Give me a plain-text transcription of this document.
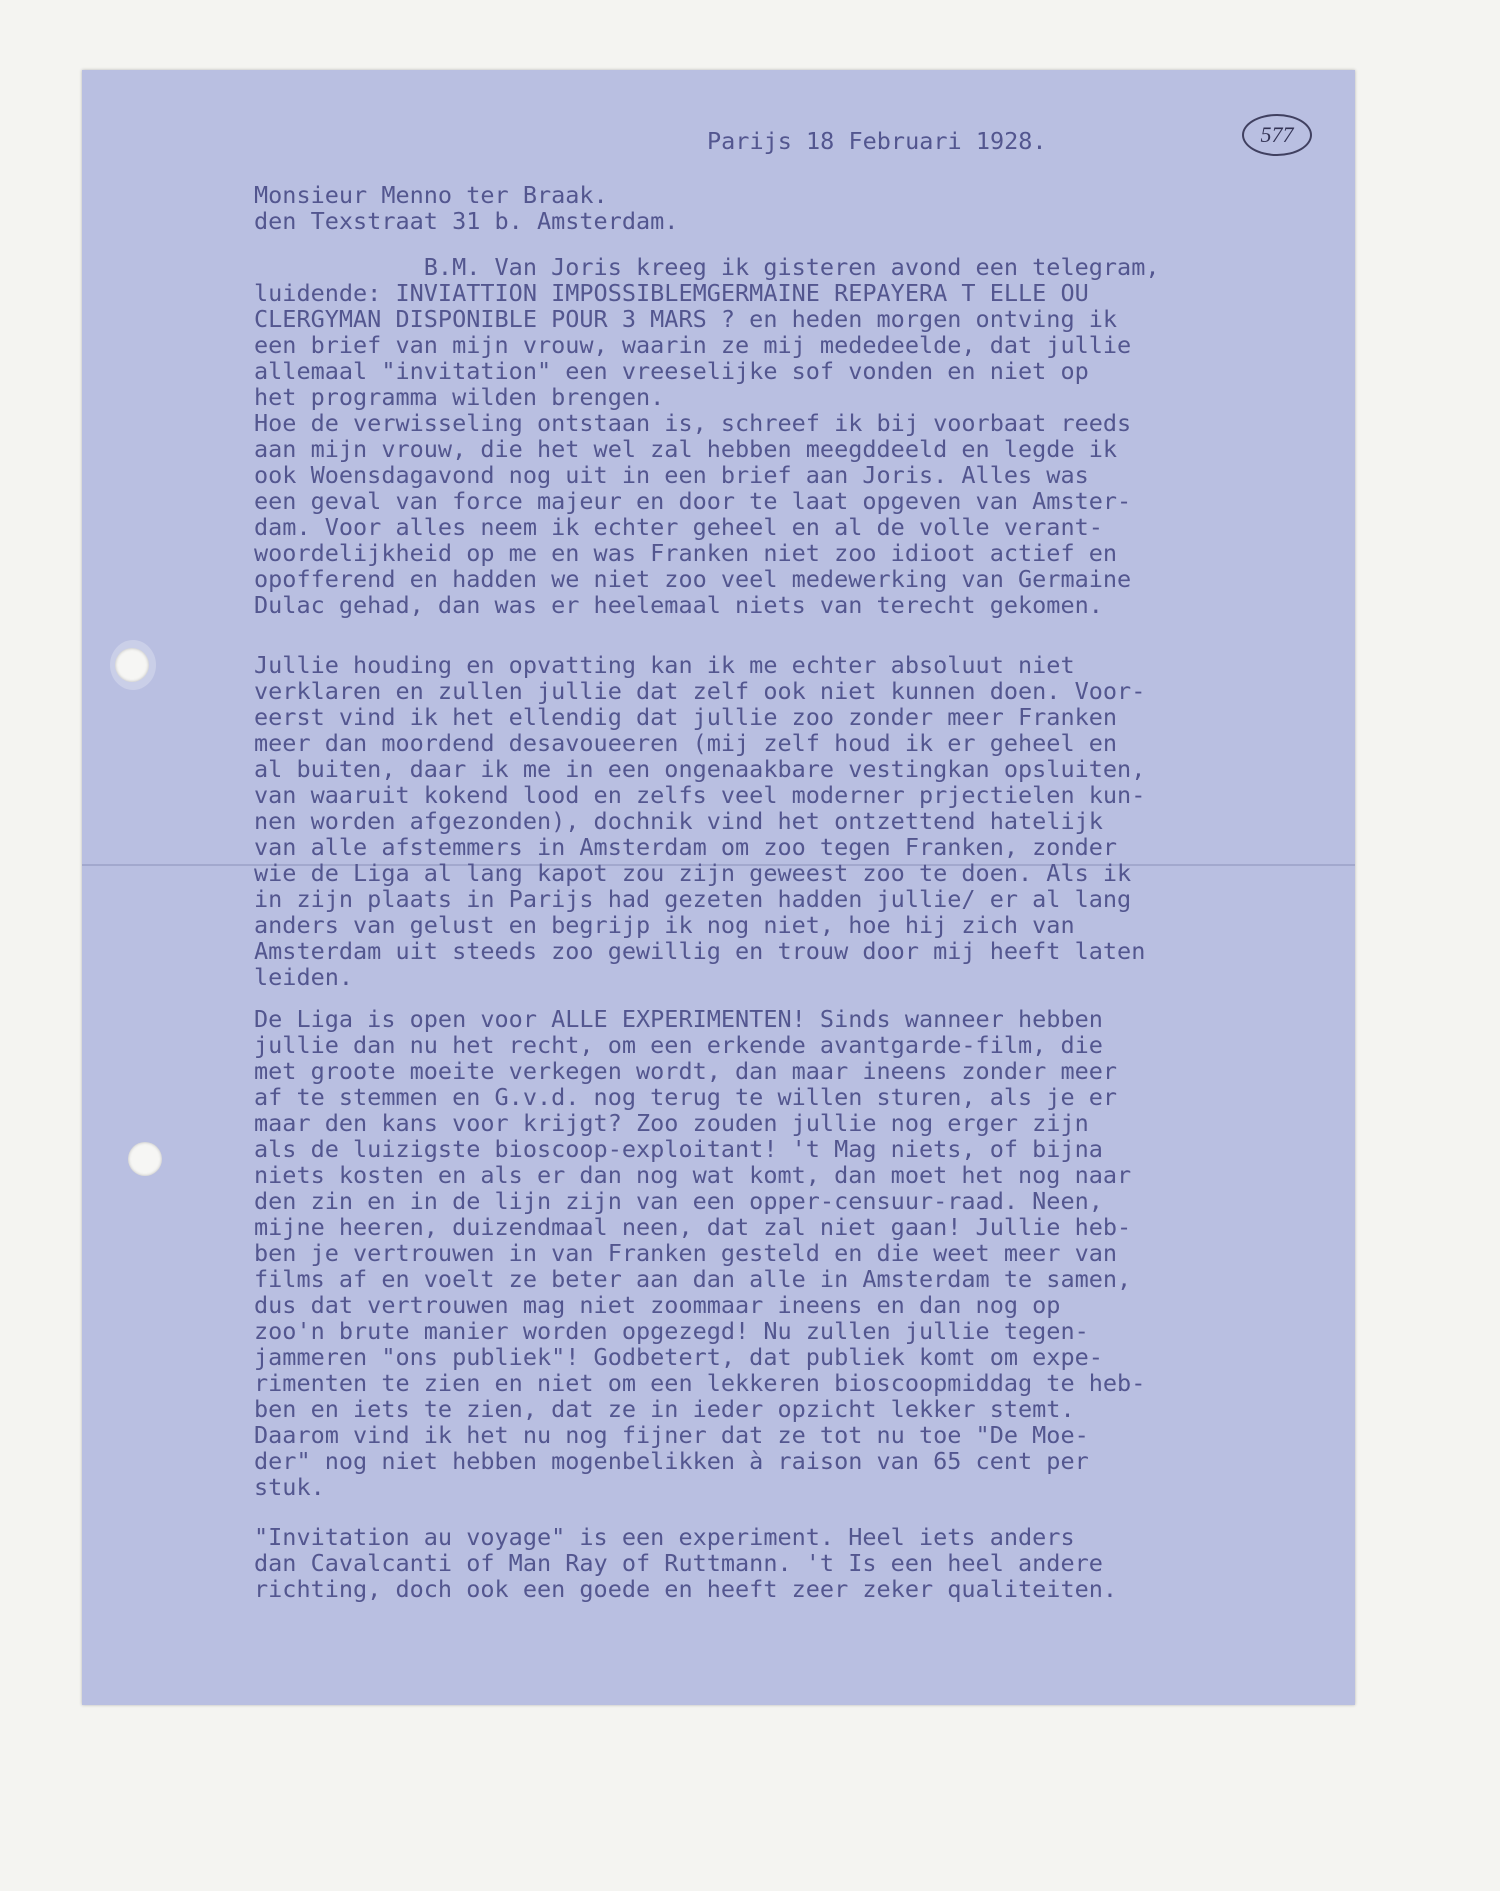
Parijs 18 Februari 1928.	577

Monsieur Menno ter Braak.
den Texstraat 31 b. Amsterdam.

B.M. Van Joris kreeg ik gisteren avond een telegram,
luidende: INVIATTION IMPOSSIBLEMGERMAINE REPAYERA T ELLE OU
CLERGYMAN DISPONIBLE POUR 3 MARS ? en heden morgen ontving ik
een brief van mijn vrouw, waarin ze mij mededeelde, dat jullie
allemaal "invitation" een vreeselijke sof vonden en niet op
het programma wilden brengen.
Hoe de verwisseling ontstaan is, schreef ik bij voorbaat reeds
aan mijn vrouw, die het wel zal hebben meegddeeld en legde ik
ook Woensdagavond nog uit in een brief aan Joris. Alles was
een geval van force majeur en door te laat opgeven van Amster-
dam. Voor alles neem ik echter geheel en al de volle verant-
woordelijkheid op me en was Franken niet zoo idioot actief en
opofferend en hadden we niet zoo veel medewerking van Germaine
Dulac gehad, dan was er heelemaal niets van terecht gekomen.

Jullie houding en opvatting kan ik me echter absoluut niet
verklaren en zullen jullie dat zelf ook niet kunnen doen. Voor-
eerst vind ik het ellendig dat jullie zoo zonder meer Franken
meer dan moordend desavoueeren (mij zelf houd ik er geheel en
al buiten, daar ik me in een ongenaakbare vestingkan opsluiten,
van waaruit kokend lood en zelfs veel moderner prjectielen kun-
nen worden afgezonden), dochnik vind het ontzettend hatelijk
van alle afstemmers in Amsterdam om zoo tegen Franken, zonder
wie de Liga al lang kapot zou zijn geweest zoo te doen. Als ik
in zijn plaats in Parijs had gezeten hadden jullie/ er al lang
anders van gelust en begrijp ik nog niet, hoe hij zich van
Amsterdam uit steeds zoo gewillig en trouw door mij heeft laten
leiden.

De Liga is open voor ALLE EXPERIMENTEN! Sinds wanneer hebben
jullie dan nu het recht, om een erkende avantgarde-film, die
met groote moeite verkegen wordt, dan maar ineens zonder meer
af te stemmen en G.v.d. nog terug te willen sturen, als je er
maar den kans voor krijgt? Zoo zouden jullie nog erger zijn
als de luizigste bioscoop-exploitant! 't Mag niets, of bijna
niets kosten en als er dan nog wat komt, dan moet het nog naar
den zin en in de lijn zijn van een opper-censuur-raad. Neen,
mijne heeren, duizendmaal neen, dat zal niet gaan! Jullie heb-
ben je vertrouwen in van Franken gesteld en die weet meer van
films af en voelt ze beter aan dan alle in Amsterdam te samen,
dus dat vertrouwen mag niet zoommaar ineens en dan nog op
zoo'n brute manier worden opgezegd! Nu zullen jullie tegen-
jammeren "ons publiek"! Godbetert, dat publiek komt om expe-
rimenten te zien en niet om een lekkeren bioscoopmiddag te heb-
ben en iets te zien, dat ze in ieder opzicht lekker stemt.
Daarom vind ik het nu nog fijner dat ze tot nu toe "De Moe-
der" nog niet hebben mogenbelikken à raison van 65 cent per
stuk.

"Invitation au voyage" is een experiment. Heel iets anders
dan Cavalcanti of Man Ray of Ruttmann. 't Is een heel andere
richting, doch ook een goede en heeft zeer zeker qualiteiten.
